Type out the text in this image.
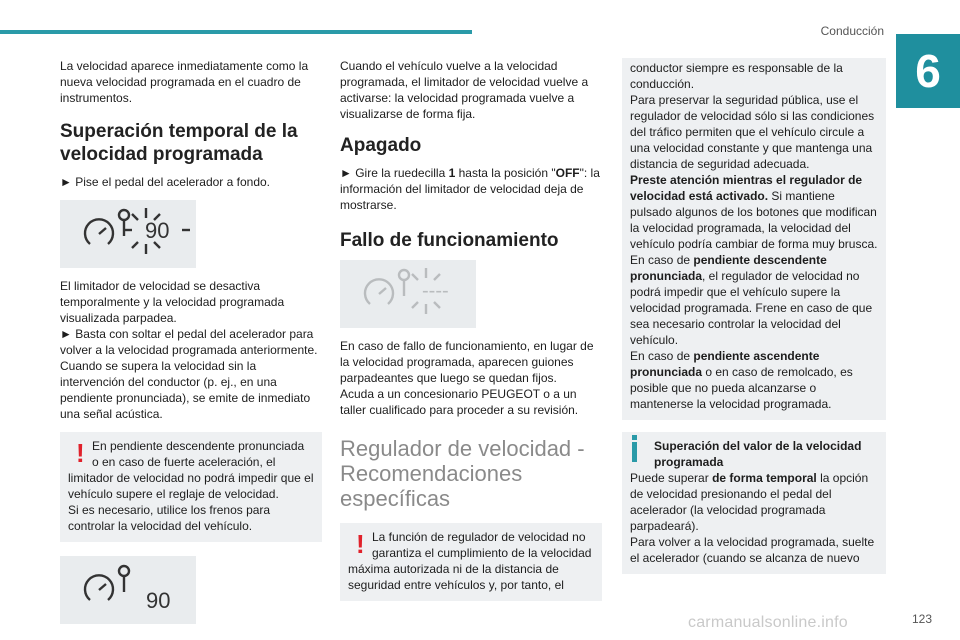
Conducción
6

La velocidad aparece inmediatamente como la nueva velocidad programada en el cuadro de instrumentos.

Superación temporal de la velocidad programada

► Pise el pedal del acelerador a fondo.

90

El limitador de velocidad se desactiva temporalmente y la velocidad programada visualizada parpadea.

► Basta con soltar el pedal del acelerador para volver a la velocidad programada anteriormente.

Cuando se supera la velocidad sin la intervención del conductor (p. ej., en una pendiente pronunciada), se emite de inmediato una señal acústica.

! En pendiente descendente pronunciada

o en caso de fuerte aceleración, el

limitador de velocidad no podrá impedir que el vehículo supere el reglaje de velocidad.

Si es necesario, utilice los frenos para controlar la velocidad del vehículo.

90

Cuando el vehículo vuelve a la velocidad programada, el limitador de velocidad vuelve a activarse: la velocidad programada vuelve a visualizarse de forma fija.

Apagado

► Gire la ruedecilla 1 hasta la posición "OFF": la información del limitador de velocidad deja de mostrarse.

Fallo de funcionamiento
----

En caso de fallo de funcionamiento, en lugar de la velocidad programada, aparecen guiones parpadeantes que luego se quedan fijos.

Acuda a un concesionario PEUGEOT o a un taller cualificado para proceder a su revisión.

Regulador de velocidad - Recomendaciones específicas
! La función de regulador de velocidad no

garantiza el cumplimiento de la velocidad

máxima autorizada ni de la distancia de seguridad entre vehículos y, por tanto, el

conductor siempre es responsable de la conducción.

Para preservar la seguridad pública, use el regulador de velocidad sólo si las condiciones del tráfico permiten que el vehículo circule a una velocidad constante y que mantenga una distancia de seguridad adecuada.

Preste atención mientras el regulador de velocidad está activado. Si mantiene pulsado algunos de los botones que modifican la velocidad programada, la velocidad del vehículo podría cambiar de forma muy brusca.

En caso de pendiente descendente pronunciada, el regulador de velocidad no podrá impedir que el vehículo supere la velocidad programada. Frene en caso de que sea necesario controlar la velocidad del vehículo.

En caso de pendiente ascendente pronunciada o en caso de remolcado, es posible que no pueda alcanzarse o mantenerse la velocidad programada.

Superación del valor de la velocidad programada

Puede superar de forma temporal la opción de velocidad presionando el pedal del acelerador (la velocidad programada parpadeará).

Para volver a la velocidad programada, suelte el acelerador (cuando se alcanza de nuevo

carmanualsonline.info	123
